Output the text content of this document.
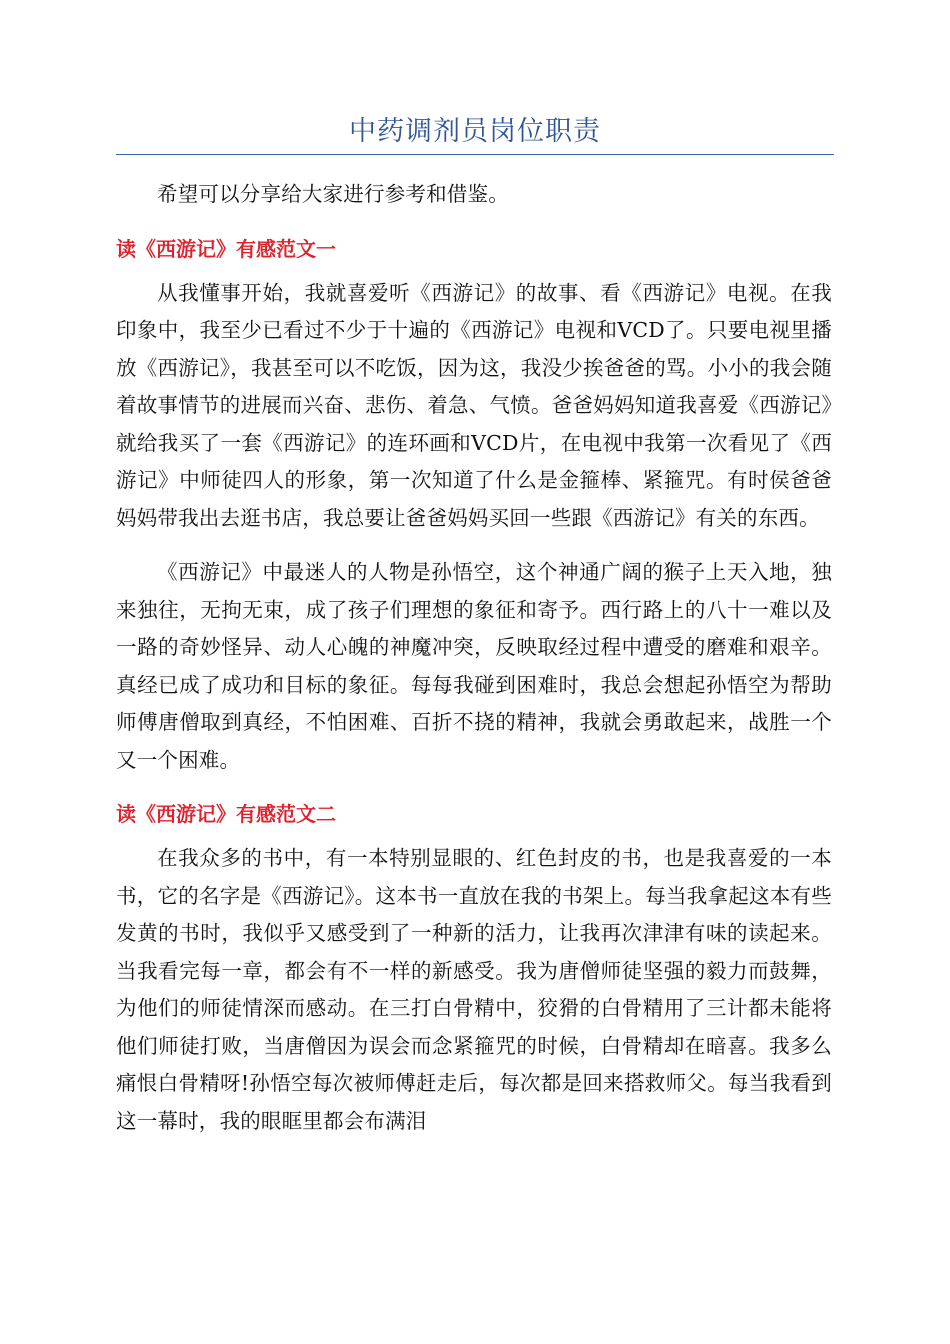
中药调剂员岗位职责

希望可以分享给大家进行参考和借鉴。

读《西游记》有感范文一

从我懂事开始，我就喜爱听《西游记》的故事、看《西游记》电视。在我印象中，我至少已看过不少于十遍的《西游记》电视和VCD了。只要电视里播放《西游记》，我甚至可以不吃饭，因为这，我没少挨爸爸的骂。小小的我会随着故事情节的进展而兴奋、悲伤、着急、气愤。爸爸妈妈知道我喜爱《西游记》就给我买了一套《西游记》的连环画和VCD片，在电视中我第一次看见了《西游记》中师徒四人的形象，第一次知道了什么是金箍棒、紧箍咒。有时侯爸爸妈妈带我出去逛书店，我总要让爸爸妈妈买回一些跟《西游记》有关的东西。

《西游记》中最迷人的人物是孙悟空，这个神通广阔的猴子上天入地，独来独往，无拘无束，成了孩子们理想的象征和寄予。西行路上的八十一难以及一路的奇妙怪异、动人心魄的神魔冲突，反映取经过程中遭受的磨难和艰辛。真经已成了成功和目标的象征。每每我碰到困难时，我总会想起孙悟空为帮助师傅唐僧取到真经，不怕困难、百折不挠的精神，我就会勇敢起来，战胜一个又一个困难。

读《西游记》有感范文二

在我众多的书中，有一本特别显眼的、红色封皮的书，也是我喜爱的一本书，它的名字是《西游记》。这本书一直放在我的书架上。每当我拿起这本有些发黄的书时，我似乎又感受到了一种新的活力，让我再次津津有味的读起来。当我看完每一章，都会有不一样的新感受。我为唐僧师徒坚强的毅力而鼓舞，为他们的师徒情深而感动。在三打白骨精中，狡猾的白骨精用了三计都未能将他们师徒打败，当唐僧因为误会而念紧箍咒的时候，白骨精却在暗喜。我多么痛恨白骨精呀!孙悟空每次被师傅赶走后，每次都是回来搭救师父。每当我看到这一幕时，我的眼眶里都会布满泪
